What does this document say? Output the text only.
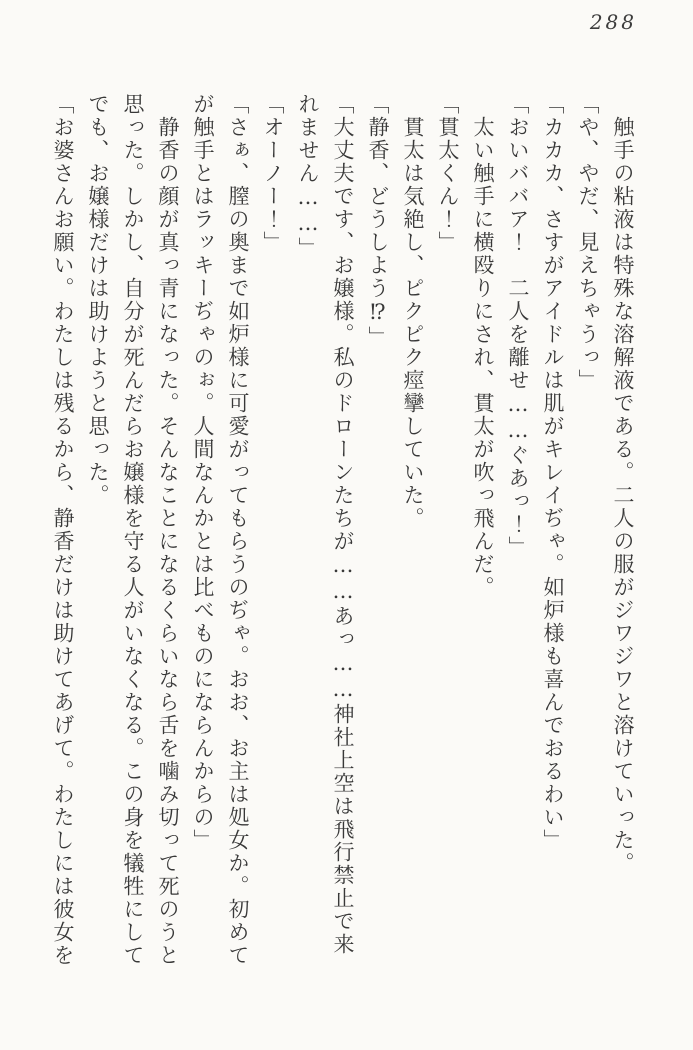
288

触手の粘液は特殊な溶解液である。二人の服がジワジワと溶けていった。

「や、やだ、見えちゃうっ」

「カカカ、さすがアイドルは肌がキレイぢゃ。如炉様も喜んでおるわい」

「おいババア！　二人を離せ……ぐあっ！」

太い触手に横殴りにされ、貫太が吹っ飛んだ。

「貫太くん！」

貫太は気絶し、ピクピク痙攣していた。

「静香、どうしよう⁉」

「大丈夫です、お嬢様。私のドローンたちが……あっ……神社上空は飛行禁止で来

れません……」

「オーノー！」

「さぁ、膣の奥まで如炉様に可愛がってもらうのぢゃ。おお、お主は処女か。初めて

が触手とはラッキーぢゃのぉ。人間なんかとは比べものにならんからの」

静香の顔が真っ青になった。そんなことになるくらいなら舌を噛み切って死のうと

思った。しかし、自分が死んだらお嬢様を守る人がいなくなる。この身を犠牲にして

でも、お嬢様だけは助けようと思った。

「お婆さんお願い。わたしは残るから、静香だけは助けてあげて。わたしには彼女を
